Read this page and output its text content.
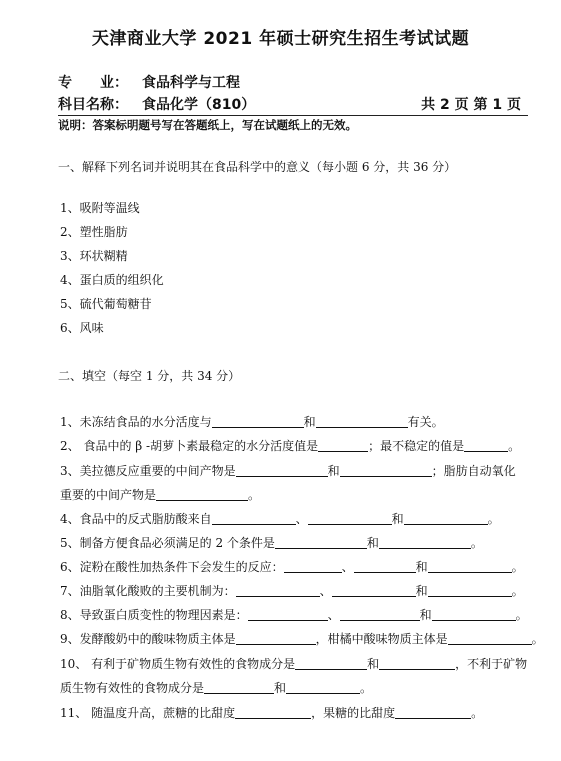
天津商业大学 2021 年硕士研究生招生考试试题
专　　业： 食品科学与工程
科目名称： 食品化学（810）	共 2 页 第 1 页
说明：答案标明题号写在答题纸上，写在试题纸上的无效。
一、解释下列名词并说明其在食品科学中的意义（每小题 6 分，共 36 分）
1、吸附等温线
2、塑性脂肪
3、环状糊精
4、蛋白质的组织化
5、硫代葡萄糖苷
6、风味
二、填空（每空 1 分，共 34 分）
1、未冻结食品的水分活度与	和	有关。
2、 食品中的 β -胡萝卜素最稳定的水分活度值是	；最不稳定的值是	。
3、美拉德反应重要的中间产物是	和	；脂肪自动氧化
重要的中间产物是	。
4、食品中的反式脂肪酸来自	、	和	。
5、制备方便食品必须满足的 2 个条件是	和	。
6、淀粉在酸性加热条件下会发生的反应：	、	和	。
7、油脂氧化酸败的主要机制为：	、	和	。
8、导致蛋白质变性的物理因素是：	、	和	。
9、发酵酸奶中的酸味物质主体是	，柑橘中酸味物质主体是	。
10、 有利于矿物质生物有效性的食物成分是	和	，不利于矿物
质生物有效性的食物成分是	和	。
11、 随温度升高，蔗糖的比甜度	，果糖的比甜度	。
